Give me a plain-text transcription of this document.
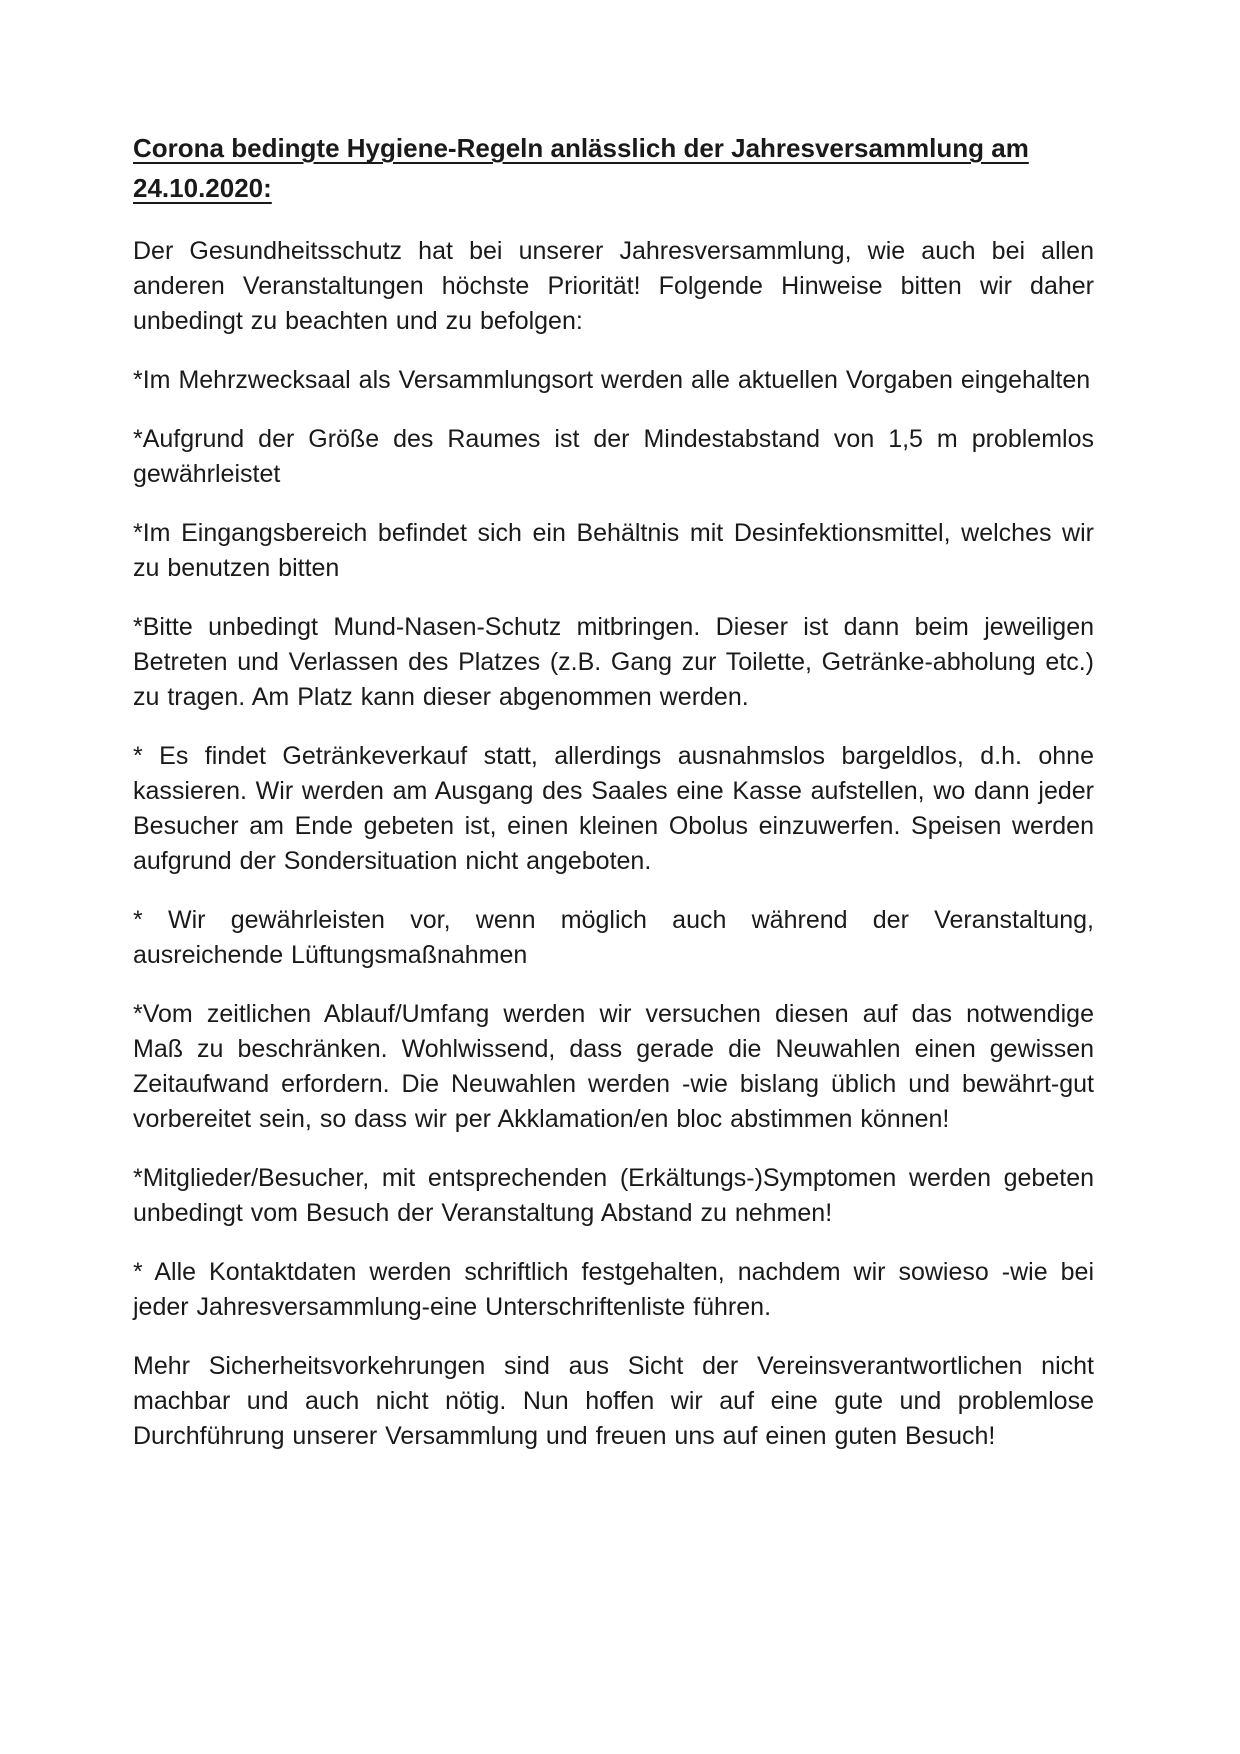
Corona bedingte Hygiene-Regeln anlässlich der Jahresversammlung am 24.10.2020:

Der Gesundheitsschutz hat bei unserer Jahresversammlung, wie auch bei allen anderen Veranstaltungen höchste Priorität! Folgende Hinweise bitten wir daher unbedingt zu beachten und zu befolgen:

*Im Mehrzwecksaal als Versammlungsort werden alle aktuellen Vorgaben eingehalten

*Aufgrund der Größe des Raumes ist der Mindestabstand von 1,5 m problemlos gewährleistet

*Im Eingangsbereich befindet sich ein Behältnis mit Desinfektionsmittel, welches wir zu benutzen bitten

*Bitte unbedingt Mund-Nasen-Schutz mitbringen. Dieser ist dann beim jeweiligen Betreten und Verlassen des Platzes (z.B. Gang zur Toilette, Getränke-abholung etc.) zu tragen. Am Platz kann dieser abgenommen werden.

* Es findet Getränkeverkauf statt, allerdings ausnahmslos bargeldlos, d.h. ohne kassieren. Wir werden am Ausgang des Saales eine Kasse aufstellen, wo dann jeder Besucher am Ende gebeten ist, einen kleinen Obolus einzuwerfen. Speisen werden aufgrund der Sondersituation nicht angeboten.

* Wir gewährleisten vor, wenn möglich auch während der Veranstaltung, ausreichende Lüftungsmaßnahmen

*Vom zeitlichen Ablauf/Umfang werden wir versuchen diesen auf das notwendige Maß zu beschränken. Wohlwissend, dass gerade die Neuwahlen einen gewissen Zeitaufwand erfordern. Die Neuwahlen werden -wie bislang üblich und bewährt-gut vorbereitet sein, so dass wir per Akklamation/en bloc abstimmen können!

*Mitglieder/Besucher, mit entsprechenden (Erkältungs-)Symptomen werden gebeten unbedingt vom Besuch der Veranstaltung Abstand zu nehmen!

* Alle Kontaktdaten werden schriftlich festgehalten, nachdem wir sowieso -wie bei jeder Jahresversammlung-eine Unterschriftenliste führen.

Mehr Sicherheitsvorkehrungen sind aus Sicht der Vereinsverantwortlichen nicht machbar und auch nicht nötig. Nun hoffen wir auf eine gute und problemlose Durchführung unserer Versammlung und freuen uns auf einen guten Besuch!
